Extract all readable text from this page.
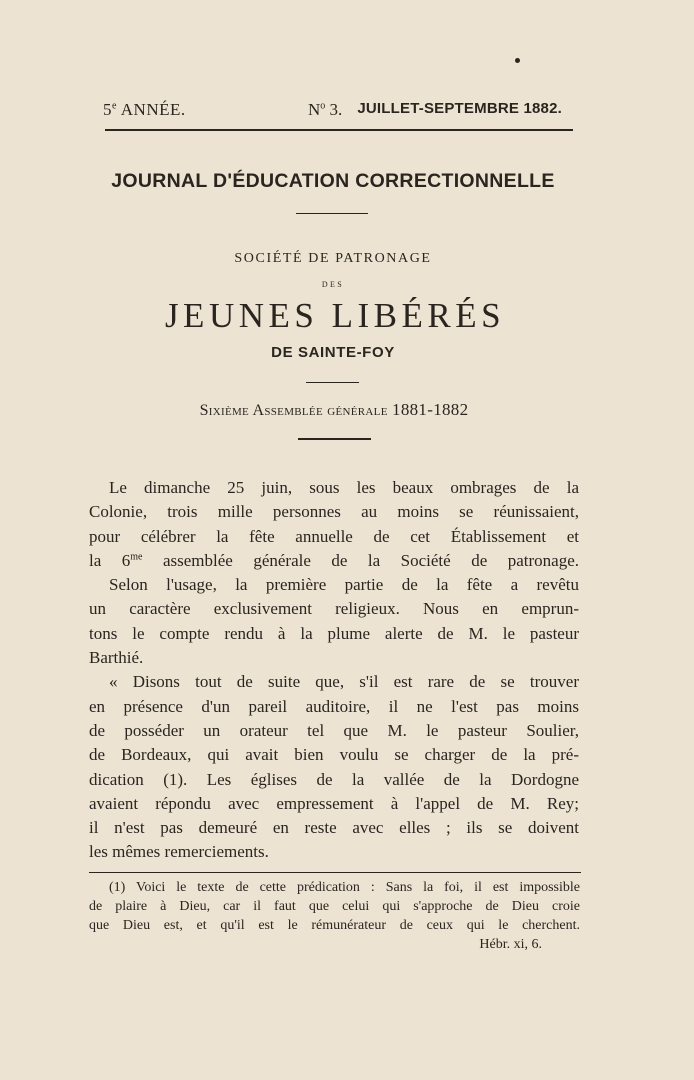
5e ANNÉE.	$N^o$ 3. JUILLET-SEPTEMBRE 1882.
JOURNAL D'ÉDUCATION CORRECTIONNELLE
SOCIÉTÉ DE PATRONAGE
DES
JEUNES LIBÉRÉS
DE SAINTE-FOY
Sixième Assemblée générale 1881-1882
Le dimanche 25 juin, sous les beaux ombrages de la
Colonie, trois mille personnes au moins se réunissaient,
pour célébrer la fête annuelle de cet Établissement et
la $6^{me}$ assemblée générale de la Société de patronage.
Selon l'usage, la première partie de la fête a revêtu
un caractère exclusivement religieux. Nous en emprun-
tons le compte rendu à la plume alerte de M. le pasteur
Barthié.
« Disons tout de suite que, s'il est rare de se trouver
en présence d'un pareil auditoire, il ne l'est pas moins
de posséder un orateur tel que M. le pasteur Soulier,
de Bordeaux, qui avait bien voulu se charger de la pré-
dication (1). Les églises de la vallée de la Dordogne
avaient répondu avec empressement à l'appel de M. Rey;
il n'est pas demeuré en reste avec elles ; ils se doivent
les mêmes remerciements.
(1) Voici le texte de cette prédication : Sans la foi, il est impossible
de plaire à Dieu, car il faut que celui qui s'approche de Dieu croie
que Dieu est, et qu'il est le rémunérateur de ceux qui le cherchent.
Hébr. xi, 6.
